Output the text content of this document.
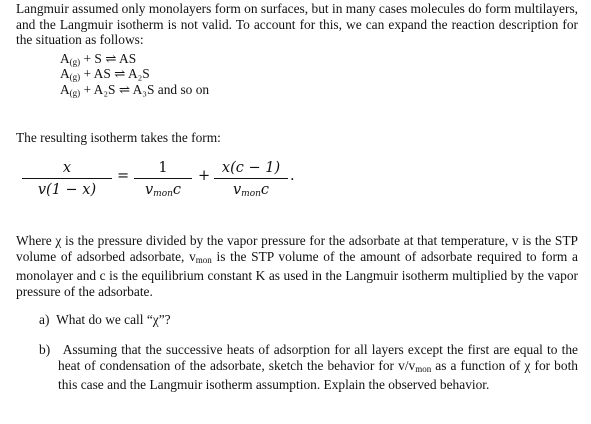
Langmuir assumed only monolayers form on surfaces, but in many cases molecules do form multilayers, and the Langmuir isotherm is not valid. To account for this, we can expand the reaction description for the situation as follows:

$A_{(g)} + S$ ⇌ AS
$A_{(g)}$ + AS ⇌ A₂S
$A_{(g)} + A_2S$ ⇌ A₃S and so on

The resulting isotherm takes the form:

x
v(1 − x)
=	1
vmonc
+ x(c − 1)
vmonc
.

Where χ is the pressure divided by the vapor pressure for the adsorbate at that temperature, v is the STP volume of adsorbed adsorbate, vmon is the STP volume of the amount of adsorbate required to form a monolayer and c is the equilibrium constant K as used in the Langmuir isotherm multiplied by the vapor pressure of the adsorbate.

a) What do we call “χ”?
b) Assuming that the successive heats of adsorption for all layers except the first are equal to the heat of condensation of the adsorbate, sketch the behavior for v/vmon as a function of χ for both this case and the Langmuir isotherm assumption. Explain the observed behavior.
